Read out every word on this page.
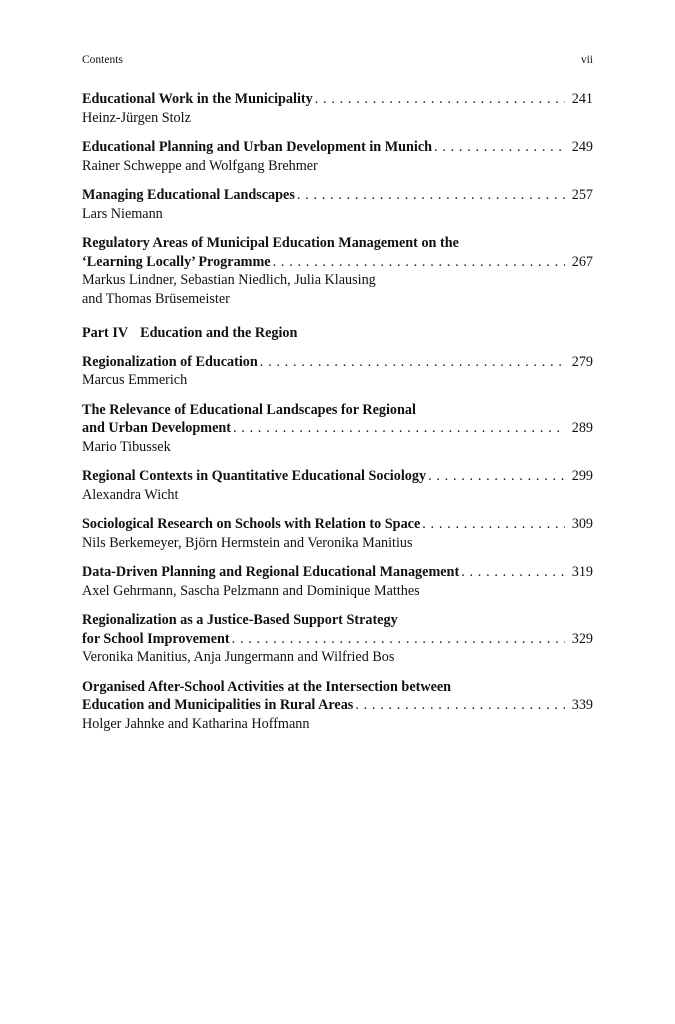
Contents	vii
Educational Work in the Municipality . . .	241
Heinz-Jürgen Stolz
Educational Planning and Urban Development in Munich . . .	249
Rainer Schweppe and Wolfgang Brehmer
Managing Educational Landscapes . . .	257
Lars Niemann
Regulatory Areas of Municipal Education Management on the
‘Learning Locally’ Programme . . .	267
Markus Lindner, Sebastian Niedlich, Julia Klausing
and Thomas Brüsemeister
Part IV Education and the Region
Regionalization of Education . . .	279
Marcus Emmerich
The Relevance of Educational Landscapes for Regional
and Urban Development . . .	289
Mario Tibussek
Regional Contexts in Quantitative Educational Sociology . . .	299
Alexandra Wicht
Sociological Research on Schools with Relation to Space . . .	309
Nils Berkemeyer, Björn Hermstein and Veronika Manitius
Data-Driven Planning and Regional Educational Management . . .	319
Axel Gehrmann, Sascha Pelzmann and Dominique Matthes
Regionalization as a Justice-Based Support Strategy
for School Improvement . . .	329
Veronika Manitius, Anja Jungermann and Wilfried Bos
Organised After-School Activities at the Intersection between
Education and Municipalities in Rural Areas . . .	339
Holger Jahnke and Katharina Hoffmann
